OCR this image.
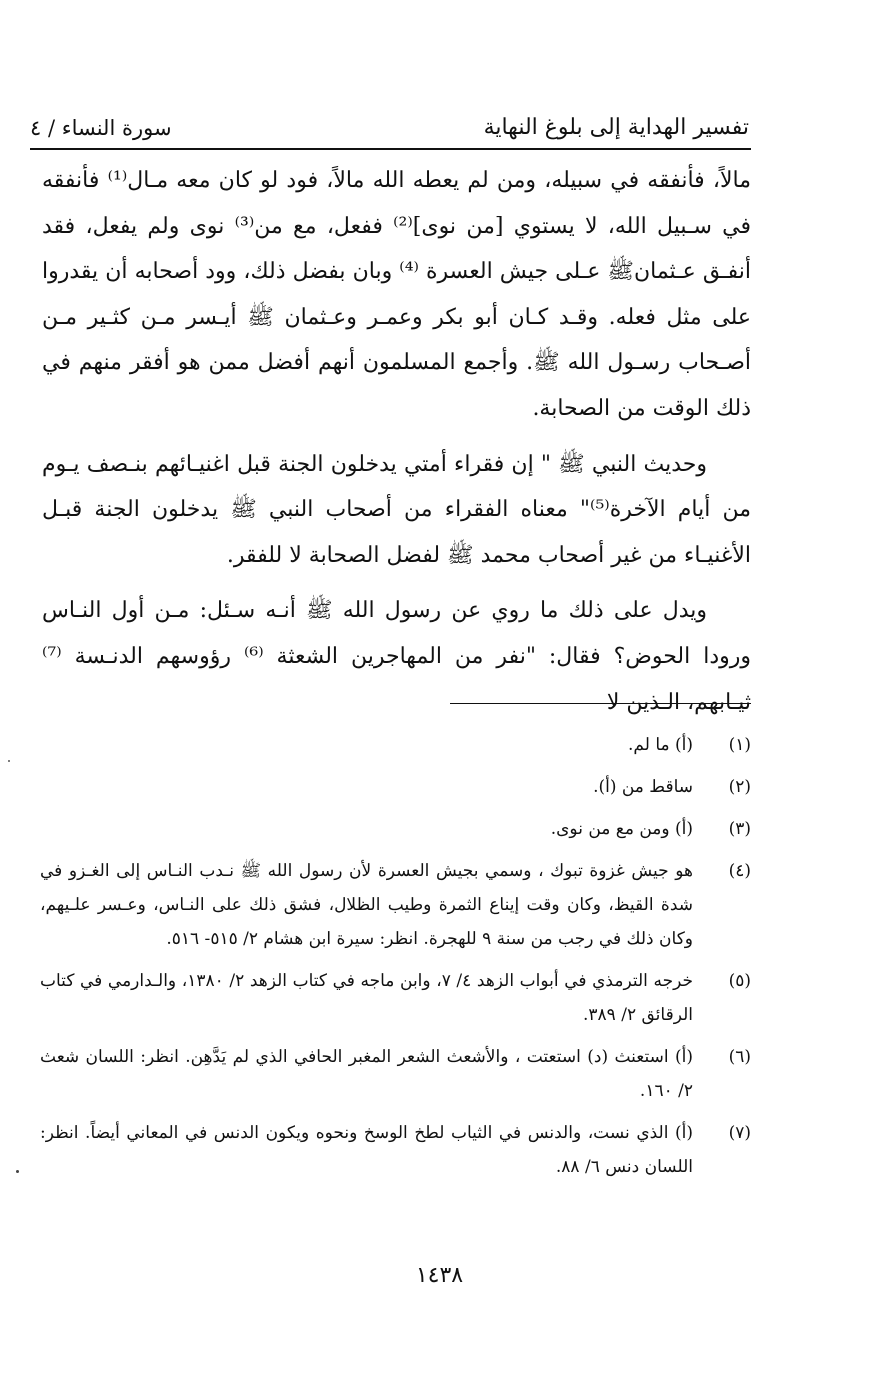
تفسير الهداية إلى بلوغ النهاية
سورة النساء / ٤

مالاً، فأنفقه في سبيله، ومن لم يعطه الله مالاً، فود لو كان معه مـال⁽¹⁾ فأنفقه في سـبيل الله، لا يستوي [من نوى]⁽²⁾ ففعل، مع من⁽³⁾ نوى ولم يفعل، فقد أنفـق عـثمانﷺ عـلى جيش العسرة ⁽⁴⁾ وبان بفضل ذلك، وود أصحابه أن يقدروا على مثل فعله. وقـد كـان أبو بكر وعمـر وعـثمان ﷺ أيـسر مـن كثـير مـن أصـحاب رسـول الله ﷺ. وأجمع المسلمون أنهم أفضل ممن هو أفقر منهم في ذلك الوقت من الصحابة.

وحديث النبي ﷺ " إن فقراء أمتي يدخلون الجنة قبل اغنيـائهم بنـصف يـوم من أيام الآخرة⁽⁵⁾" معناه الفقراء من أصحاب النبي ﷺ يدخلون الجنة قبـل الأغنيـاء من غير أصحاب محمد ﷺ لفضل الصحابة لا للفقر.

ويدل على ذلك ما روي عن رسول الله ﷺ أنـه سـئل: مـن أول النـاس ورودا الحوض؟ فقال: "نفر من المهاجرين الشعثة ⁽⁶⁾ رؤوسهم الدنـسة ⁽⁷⁾ ثيـابهم، الـذين لا

(١)
(أ) ما لم.
(٢)
ساقط من (أ).
(٣)
(أ) ومن مع من نوى.
(٤)
هو جيش غزوة تبوك ، وسمي بجيش العسرة لأن رسول الله ﷺ نـدب النـاس إلى الغـزو في شدة القيظ، وكان وقت إيناع الثمرة وطيب الظلال، فشق ذلك على النـاس، وعـسر علـيهم، وكان ذلك في رجب من سنة ٩ للهجرة. انظر: سيرة ابن هشام ٢/ ٥١٥- ٥١٦.
(٥)
خرجه الترمذي في أبواب الزهد ٤/ ٧، وابن ماجه في كتاب الزهد ٢/ ١٣٨٠، والـدارمي في كتاب الرقائق ٢/ ٣٨٩.
(٦)
(أ) استعنث (د) استعتت ، والأشعث الشعر المغبر الحافي الذي لم يَدَّهِن. انظر: اللسان شعث ٢/ ١٦٠.
(٧)
(أ) الذي نست، والدنس في الثياب لطخ الوسخ ونحوه ويكون الدنس في المعاني أيضاً. انظر: اللسان دنس ٦/ ٨٨.
١٤٣٨
